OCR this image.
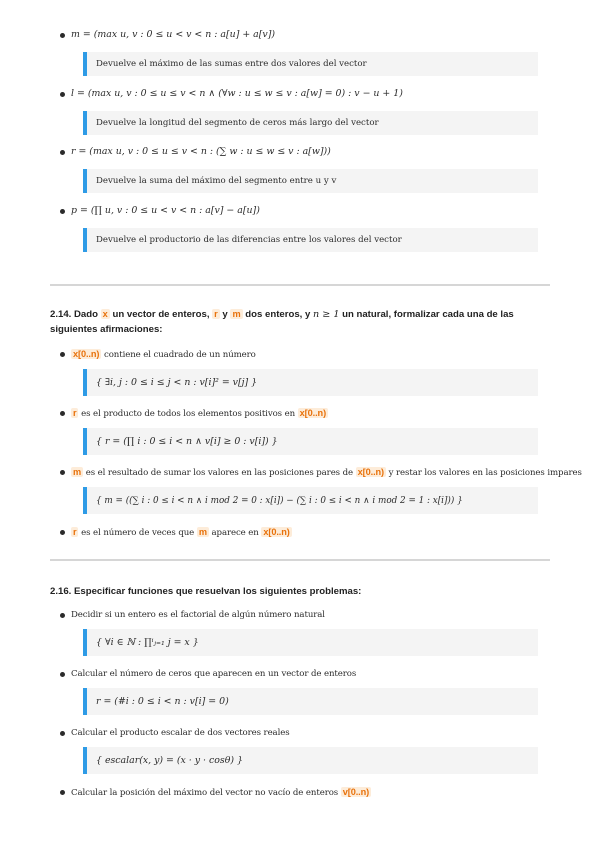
m = (max u, v : 0 ≤ u < v < n : a[u] + a[v])
Devuelve el máximo de las sumas entre dos valores del vector
l = (max u, v : 0 ≤ u ≤ v < n ∧ (∀w : u ≤ w ≤ v : a[w] = 0) : v − u + 1)
Devuelve la longitud del segmento de ceros más largo del vector
r = (max u, v : 0 ≤ u ≤ v < n : (∑ w : u ≤ w ≤ v : a[w]))
Devuelve la suma del máximo del segmento entre u y v
p = (∏ u, v : 0 ≤ u < v < n : a[v] − a[u])
Devuelve el productorio de las diferencias entre los valores del vector
2.14. Dado x un vector de enteros, r y m dos enteros, y n ≥ 1 un natural, formalizar cada una de las
siguientes afirmaciones:
x[0..n) contiene el cuadrado de un número
{ ∃i, j : 0 ≤ i ≤ j < n : v[i]² = v[j] }
r es el producto de todos los elementos positivos en x[0..n)
{ r = (∏ i : 0 ≤ i < n ∧ v[i] ≥ 0 : v[i]) }
m es el resultado de sumar los valores en las posiciones pares de x[0..n) y restar los valores en las posiciones impares
{ m = ((∑ i : 0 ≤ i < n ∧ i mod 2 = 0 : x[i]) − (∑ i : 0 ≤ i < n ∧ i mod 2 = 1 : x[i])) }
r es el número de veces que m aparece en x[0..n)
2.16. Especificar funciones que resuelvan los siguientes problemas:
Decidir si un entero es el factorial de algún número natural
{ ∀i ∈ ℕ : ∏ⁱⱼ₌₁ j = x }
Calcular el número de ceros que aparecen en un vector de enteros
r = (#i : 0 ≤ i < n : v[i] = 0)
Calcular el producto escalar de dos vectores reales
{ escalar(x, y) = (x · y · cosθ) }
Calcular la posición del máximo del vector no vacío de enteros v[0..n)
